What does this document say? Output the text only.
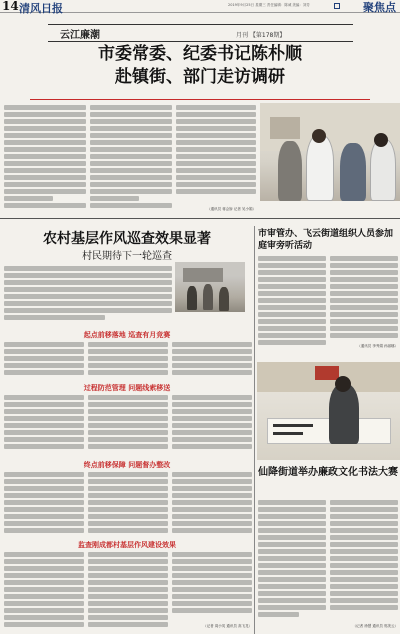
14 清风日报	2019年9月25日 星期三 责任编辑：陈诚 美编：刘芳	聚焦点
云江廉潮	月刊 【第178期】
市委常委、纪委书记陈朴顺
赴镇街、部门走访调研
（通讯员 蒋会娇 记者 吴小娟）
农村基层作风巡查效果显著
村民期待下一轮巡查
起点前移落地 巡查有月竞赛
过程防范管理 问题线索移送
终点前移保障 问题督办整改
监查刚成都村基层作风建设效果
（记者 周小英 通讯员 高飞龙）
市审管办、飞云街道组织人员参加庭审旁听活动
（通讯员 李秀娟 孙丽娜）
仙降街道举办廉政文化书法大赛
（记者 徐慧 通讯员 郭美云）
